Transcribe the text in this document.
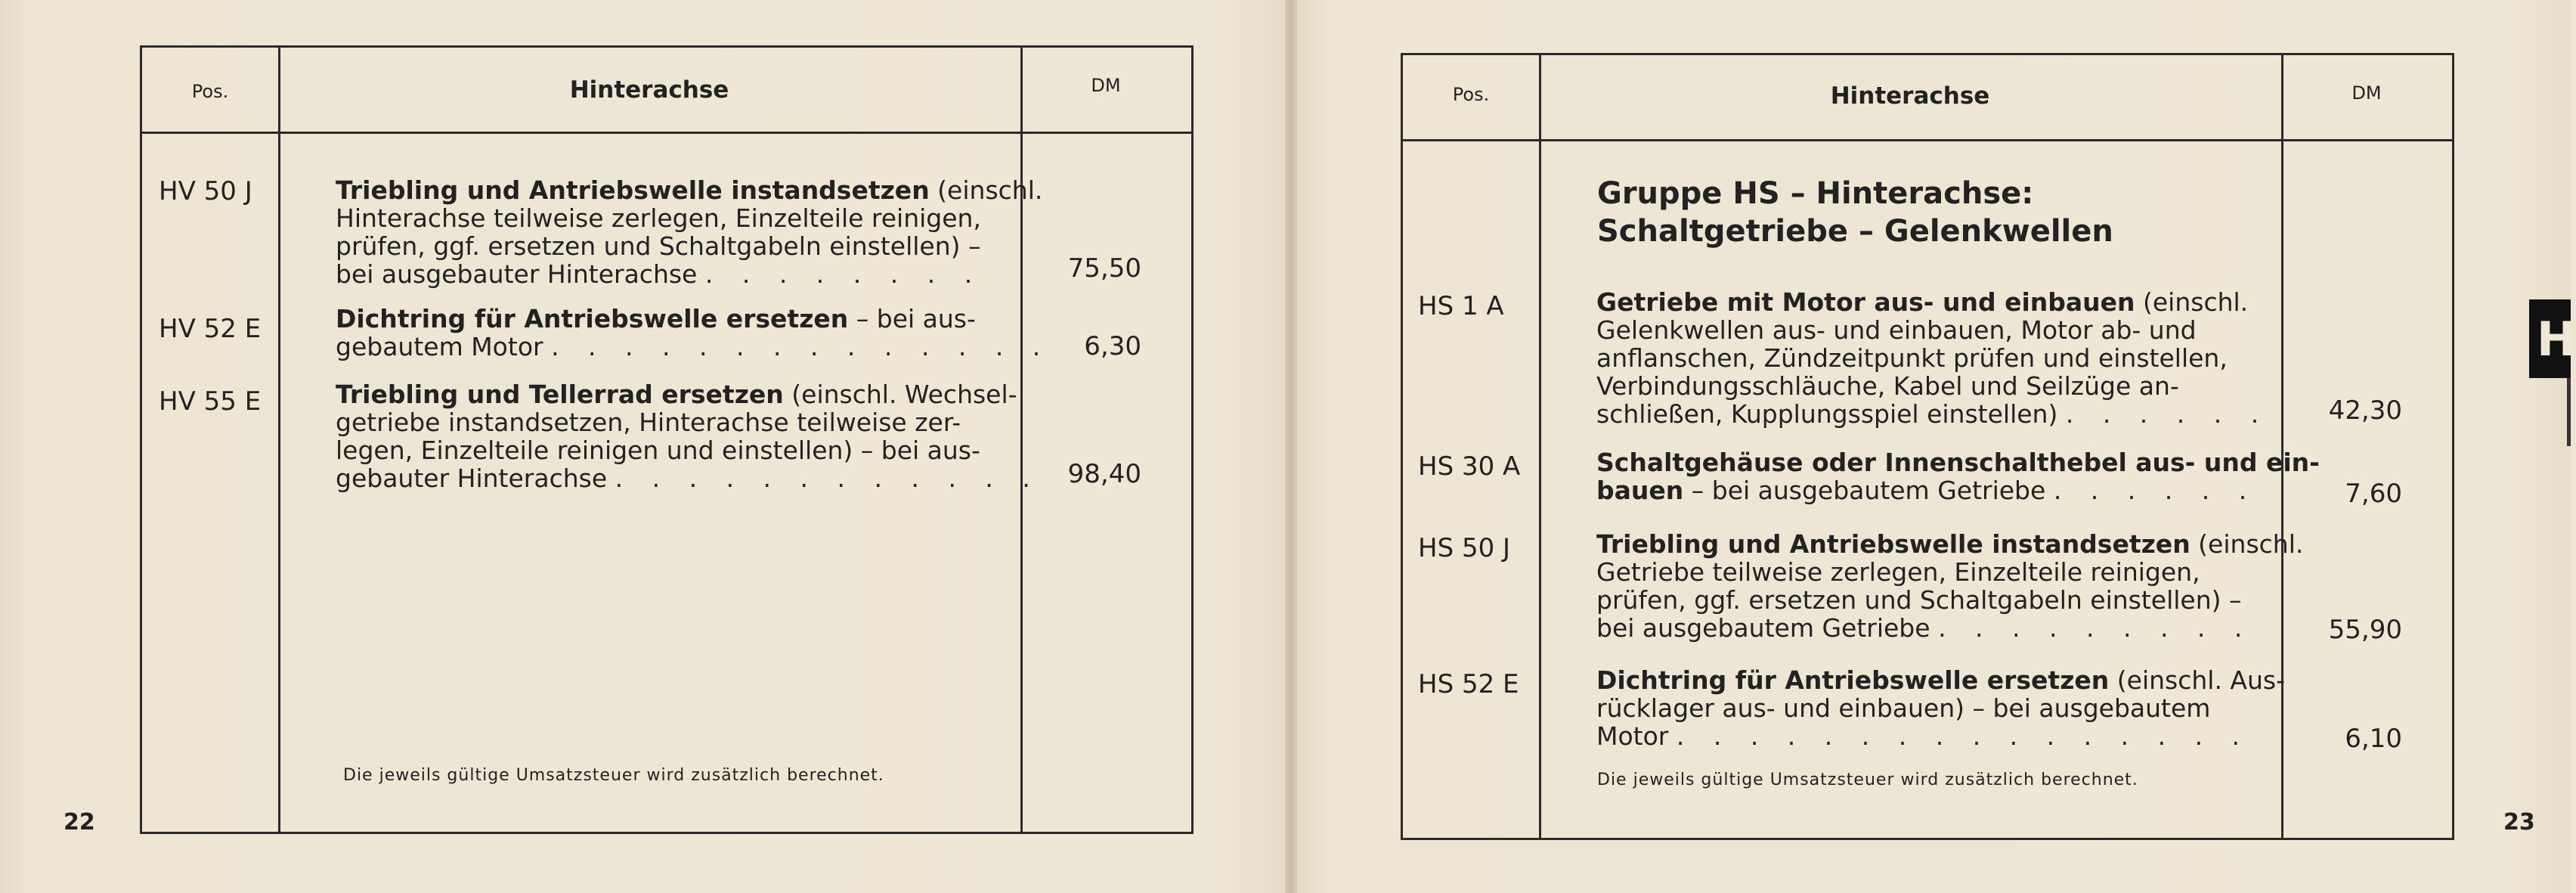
Pos.	Hinterachse	DM
HV 50 J	Triebling und Antriebswelle instandsetzen (einschl.
Hinterachse teilweise zerlegen, Einzelteile reinigen,
prüfen, ggf. ersetzen und Schaltgabeln einstellen) –
bei ausgebauter Hinterachse . . . . . . . .	75,50
HV 52 E	Dichtring für Antriebswelle ersetzen – bei aus-
gebautem Motor . . . . . . . . . . . . . . 6,30
HV 55 E	Triebling und Tellerrad ersetzen (einschl. Wechsel-
getriebe instandsetzen, Hinterachse teilweise zer-
legen, Einzelteile reinigen und einstellen) – bei aus-
gebauter Hinterachse . . . . . . . . . . . . 98,40
Die jeweils gültige Umsatzsteuer wird zusätzlich berechnet.
22
Pos.	Hinterachse	DM
Gruppe HS – Hinterachse:
Schaltgetriebe – Gelenkwellen
HS 1 A	Getriebe mit Motor aus- und einbauen (einschl.
Gelenkwellen aus- und einbauen, Motor ab- und
anflanschen, Zündzeitpunkt prüfen und einstellen,
Verbindungsschläuche, Kabel und Seilzüge an-
schließen, Kupplungsspiel einstellen) . . . . . . 42,30
HS 30 A	Schaltgehäuse oder Innenschalthebel aus- und ein-
bauen – bei ausgebautem Getriebe . . . . . .	7,60
HS 50 J	Triebling und Antriebswelle instandsetzen (einschl.
Getriebe teilweise zerlegen, Einzelteile reinigen,
prüfen, ggf. ersetzen und Schaltgabeln einstellen) –
bei ausgebautem Getriebe . . . . . . . . .	55,90
HS 52 E	Dichtring für Antriebswelle ersetzen (einschl. Aus-
rücklager aus- und einbauen) – bei ausgebautem
Motor . . . . . . . . . . . . . . . .	6,10
Die jeweils gültige Umsatzsteuer wird zusätzlich berechnet.
23
H
